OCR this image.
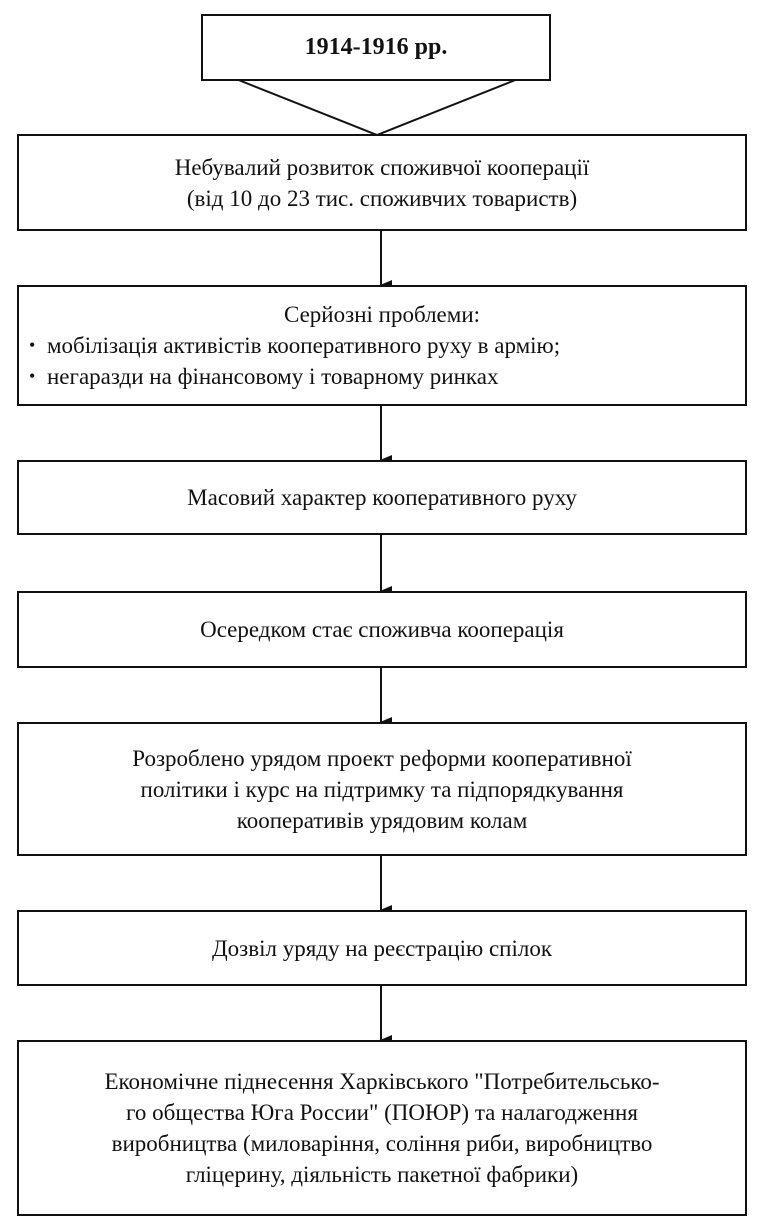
1914-1916 рр.
Небувалий розвиток споживчої кооперації
(від 10 до 23 тис. споживчих товариств)
Серйозні проблеми:
• мобілізація активістів кооперативного руху в армію;
• негаразди на фінансовому і товарному ринках
Масовий характер кооперативного руху
Осередком стає споживча кооперація
Розроблено урядом проект реформи кооперативної
політики і курс на підтримку та підпорядкування
кооперативів урядовим колам
Дозвіл уряду на реєстрацію спілок
Економічне піднесення Харківського "Потребительсько-
го общества Юга России" (ПОЮР) та налагодження
виробництва (миловаріння, соління риби, виробництво
гліцерину, діяльність пакетної фабрики)
